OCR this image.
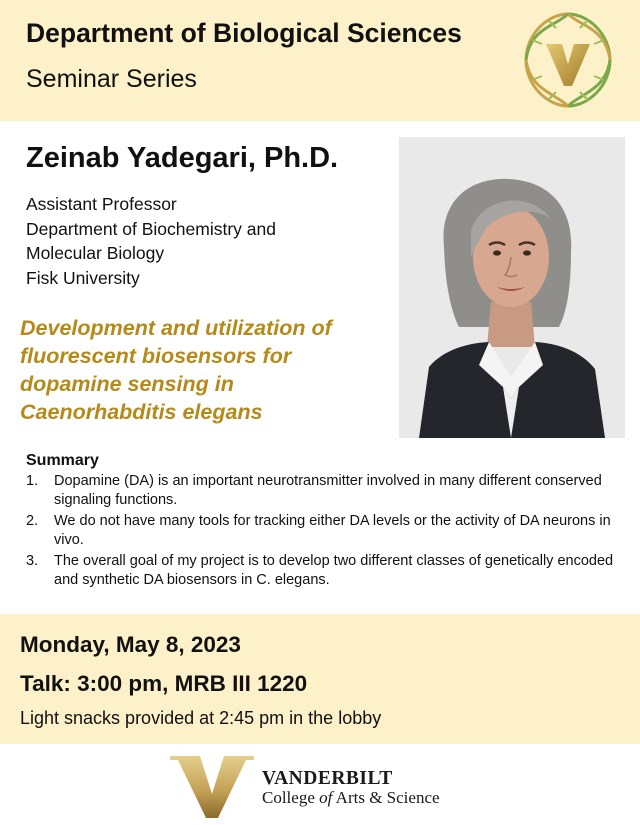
Department of Biological Sciences
Seminar Series
Zeinab Yadegari, Ph.D.
Assistant Professor
Department of Biochemistry and
Molecular Biology
Fisk University
Development and utilization of
fluorescent biosensors for
dopamine sensing in
Caenorhabditis elegans
Summary
1. Dopamine (DA) is an important neurotransmitter involved in many different conserved signaling functions.
2. We do not have many tools for tracking either DA levels or the activity of DA neurons in vivo.
3. The overall goal of my project is to develop two different classes of genetically encoded and synthetic DA biosensors in C. elegans.
Monday, May 8, 2023
Talk: 3:00 pm, MRB III 1220
Light snacks provided at 2:45 pm in the lobby
VANDERBILT
College of Arts & Science
